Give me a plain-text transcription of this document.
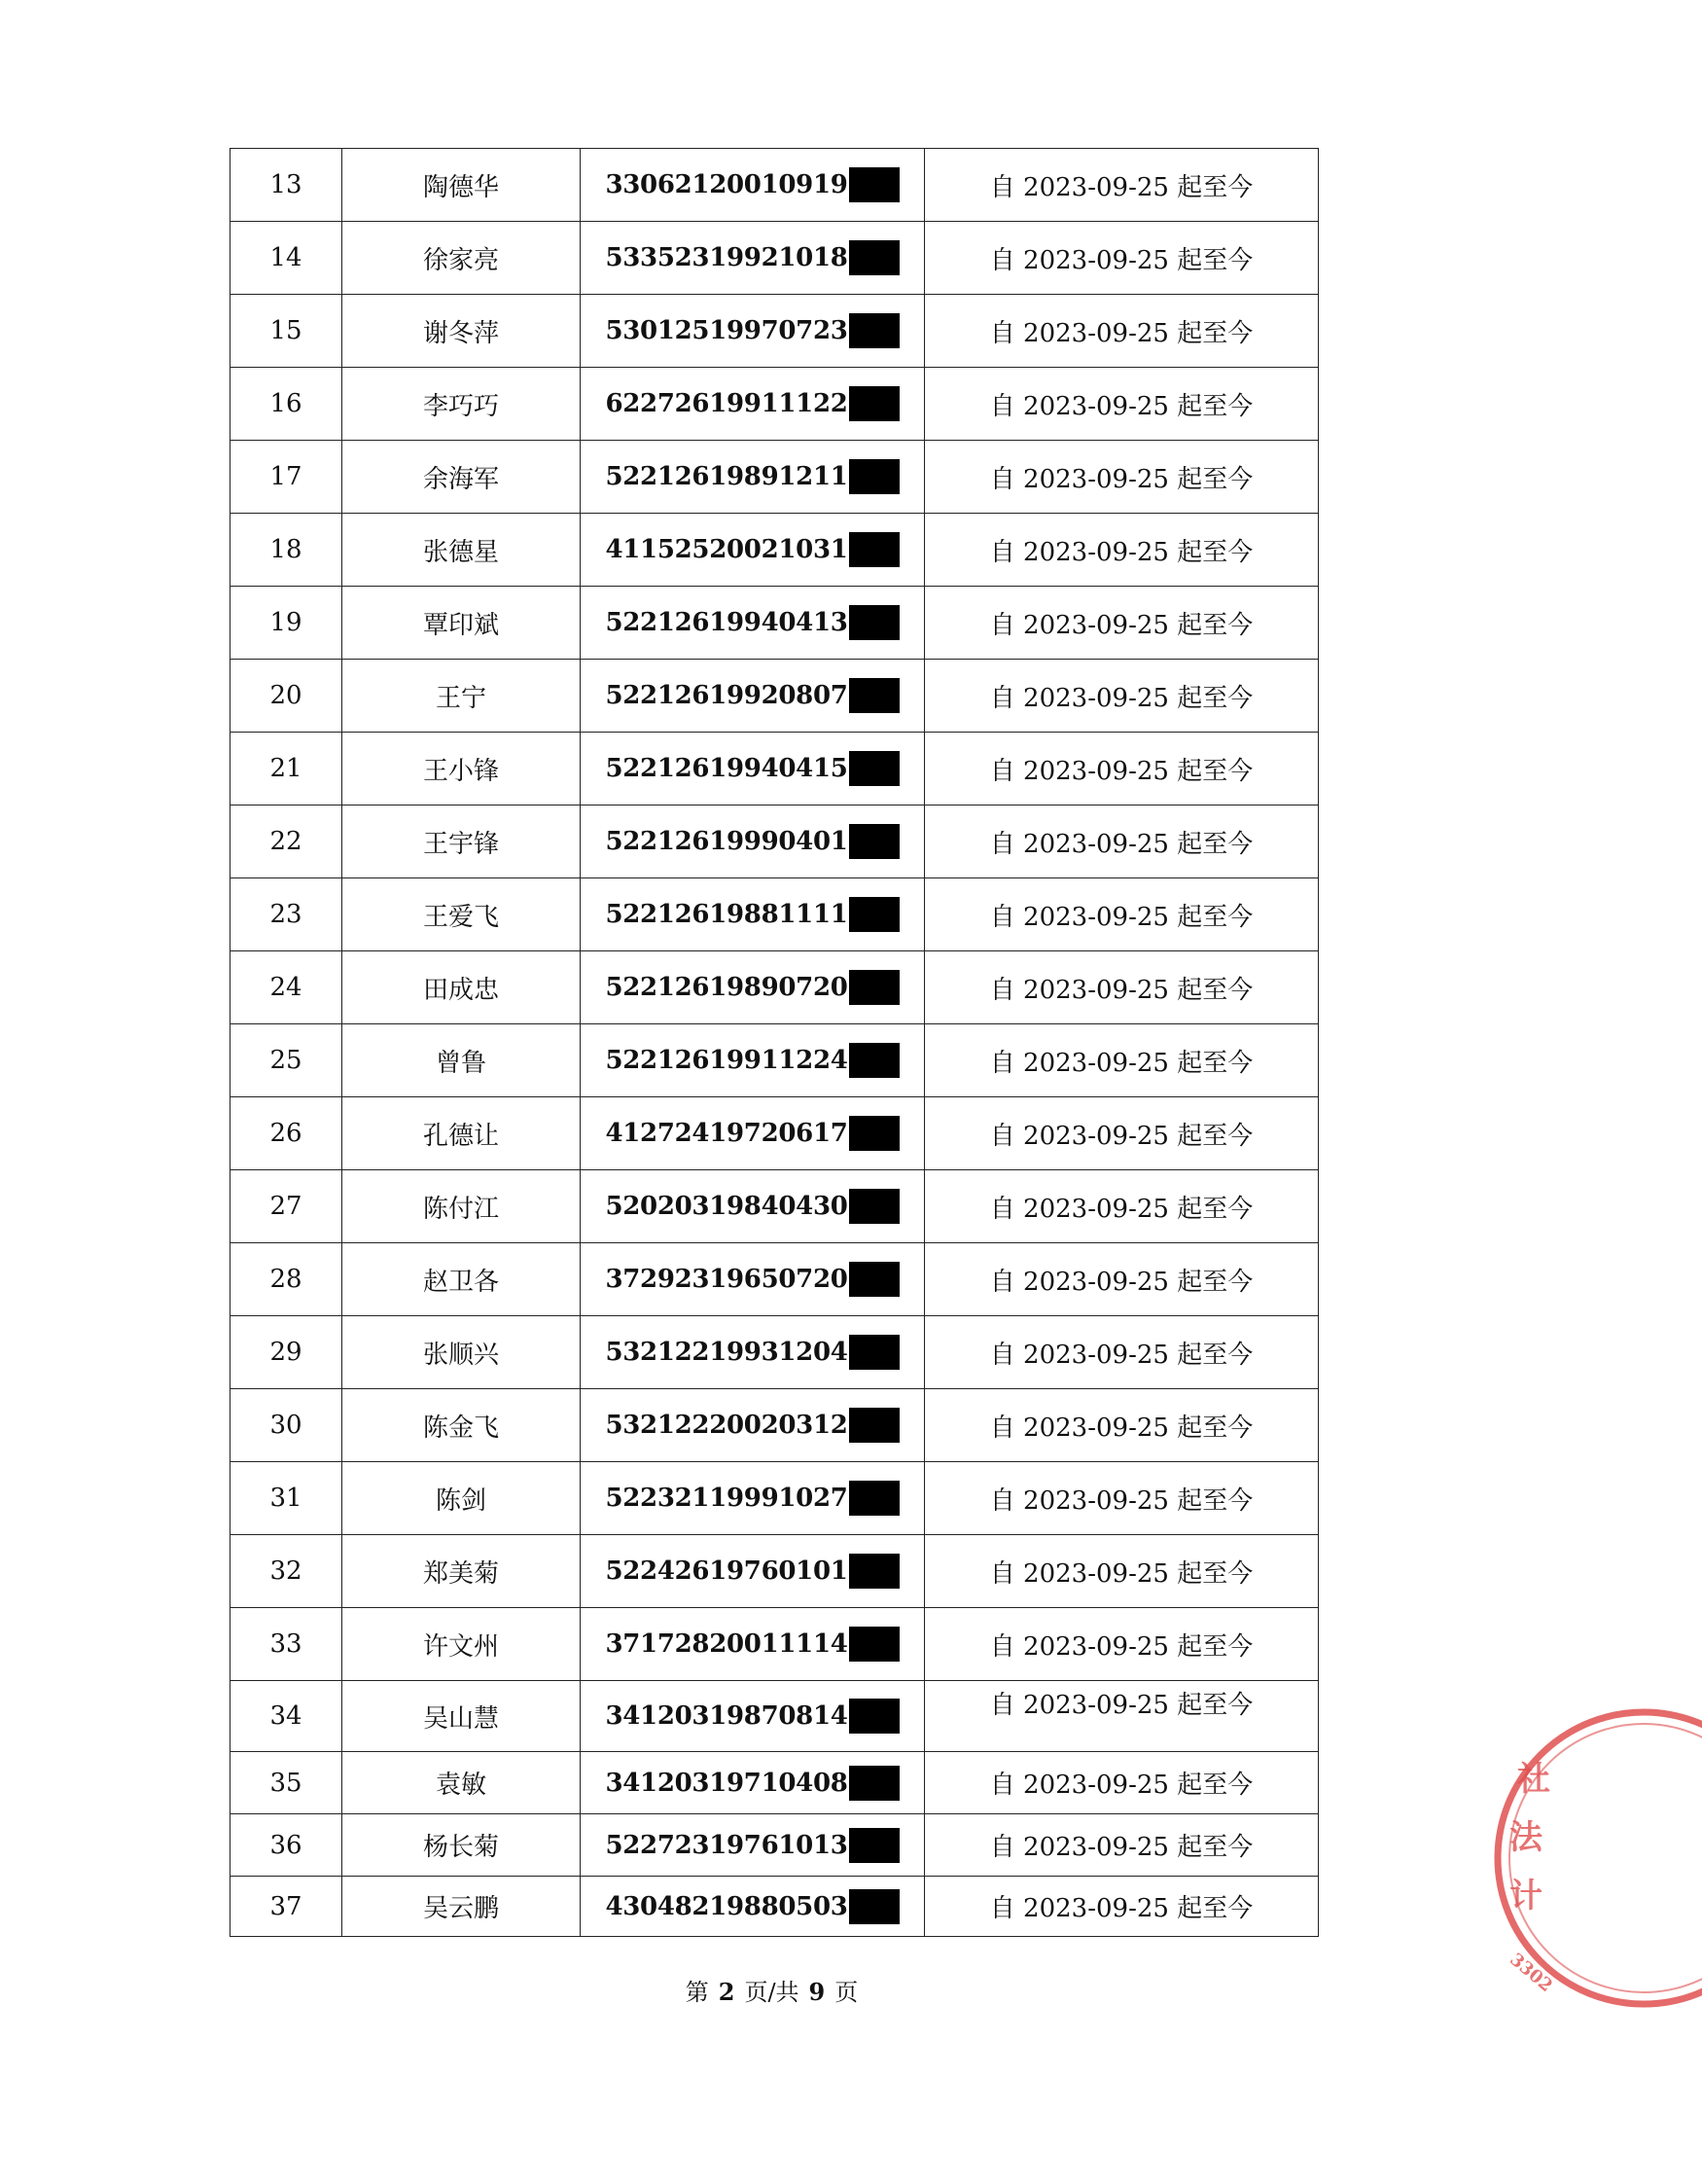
13	陶德华	33062120010919	自 2023-09-25 起至今
14	徐家亮	53352319921018	自 2023-09-25 起至今
15	谢冬萍	53012519970723	自 2023-09-25 起至今
16	李巧巧	62272619911122	自 2023-09-25 起至今
17	余海军	52212619891211	自 2023-09-25 起至今
18	张德星	41152520021031	自 2023-09-25 起至今
19	覃印斌	52212619940413	自 2023-09-25 起至今
20	王宁	52212619920807	自 2023-09-25 起至今
21	王小锋	52212619940415	自 2023-09-25 起至今
22	王宇锋	52212619990401	自 2023-09-25 起至今
23	王爱飞	52212619881111	自 2023-09-25 起至今
24	田成忠	52212619890720	自 2023-09-25 起至今
25	曾鲁	52212619911224	自 2023-09-25 起至今
26	孔德让	41272419720617	自 2023-09-25 起至今
27	陈付江	52020319840430	自 2023-09-25 起至今
28	赵卫各	37292319650720	自 2023-09-25 起至今
29	张顺兴	53212219931204	自 2023-09-25 起至今
30	陈金飞	53212220020312	自 2023-09-25 起至今
31	陈剑	52232119991027	自 2023-09-25 起至今
32	郑美菊	52242619760101	自 2023-09-25 起至今
33	许文州	37172820011114	自 2023-09-25 起至今
34	吴山慧	34120319870814	自 2023-09-25 起至今
35	袁敏	34120319710408	自 2023-09-25 起至今
36	杨长菊	52272319761013	自 2023-09-25 起至今
37	吴云鹏	43048219880503	自 2023-09-25 起至今
第 2 页/共 9 页
社
法
计
3302
